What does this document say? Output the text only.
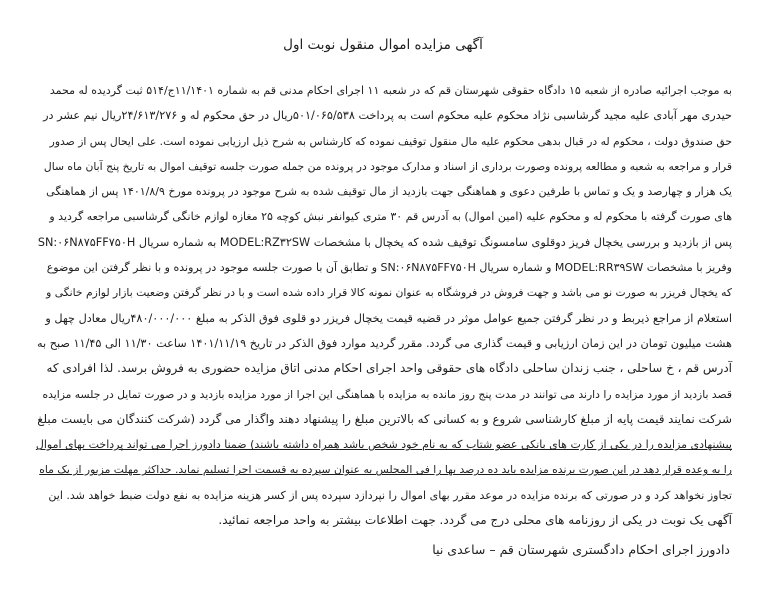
آگهی مزایده اموال منقول نوبت اول
به موجب اجرائیه صادره از شعبه ۱۵ دادگاه حقوقی شهرستان قم که در شعبه ۱۱ اجرای احکام مدنی قم به شماره ۱۱/۱۴۰۱ج/۵۱۴ ثبت گردیده له محمد
حیدری مهر آبادی علیه مجید گرشاسبی نژاد محکوم علیه محکوم است به پرداخت ۵۰۱/۰۶۵/۵۳۸ریال در حق محکوم له و ۲۴/۶۱۳/۲۷۶ریال نیم عشر در
حق صندوق دولت ، محکوم له در قبال بدهی محکوم علیه مال منقول توقیف نموده که کارشناس به شرح ذیل ارزیابی نموده است. علی ایحال پس از صدور
قرار و مراجعه به شعبه و مطالعه پرونده وصورت برداری از اسناد و مدارک موجود در پرونده من جمله صورت جلسه توقیف اموال به تاریخ پنج آبان ماه سال
یک هزار و چهارصد و یک و تماس با طرفین دعوی و هماهنگی جهت بازدید از مال توقیف شده به شرح موجود در پرونده مورخ ۱۴۰۱/۸/۹ پس از هماهنگی
های صورت گرفته با محکوم له و محکوم علیه (امین اموال) به آدرس قم ۳۰ متری کیوانفر نبش کوچه ۲۵ مغازه لوازم خانگی گرشاسبی مراجعه گردید و
پس از بازدید و بررسی یخچال فریز دوقلوی سامسونگ توقیف شده که یخچال با مشخصات MODEL:RZ۳۲SW به شماره سریال SN:۰۶N۸۷۵FF۷۵۰H
وفریز با مشخصات MODEL:RR۳۹SW و شماره سریال SN:۰۶N۸۷۵FF۷۵۰H و تطابق آن با صورت جلسه موجود در پرونده و با نظر گرفتن این موضوع
که یخچال فریزر به صورت نو می باشد و جهت فروش در فروشگاه به عنوان نمونه کالا قرار داده شده است و با در نظر گرفتن وضعیت بازار لوازم خانگی و
استعلام از مراجع ذیربط و در نظر گرفتن جمیع عوامل موثر در قضیه قیمت یخچال فریزر دو قلوی فوق الذکر به مبلغ ۴۸۰/۰۰۰/۰۰۰ریال معادل چهل و
هشت میلیون تومان در این زمان ارزیابی و قیمت گذاری می گردد. مقرر گردید موارد فوق الذکر در تاریخ ۱۴۰۱/۱۱/۱۹ ساعت ۱۱/۳۰ الی ۱۱/۴۵ صبح به
آدرس قم ، خ ساحلی ، جنب زندان ساحلی دادگاه های حقوقی واحد اجرای احکام مدنی اتاق مزایده حضوری به فروش برسد. لذا افرادی که
قصد بازدید از مورد مزایده را دارند می توانند در مدت پنج روز مانده به مزایده با هماهنگی این اجرا از مورد مزایده بازدید و در صورت تمایل در جلسه مزایده
شرکت نمایند قیمت پایه از مبلغ کارشناسی شروع و به کسانی که بالاترین مبلغ را پیشنهاد دهند واگذار می گردد (شرکت کنندگان می بایست مبلغ
پیشنهادی مزایده را در یکی از کارت های بانکی عضو شتاب که به نام خود شخص باشد همراه داشته باشند) ضمنا دادورز اجرا می تواند پرداخت بهای اموال
را به وعده قرار دهد در این صورت برنده مزایده باید ده درصد بها را فی المجلس به عنوان سپرده به قسمت اجرا تسلیم نماید. حداکثر مهلت مزبور از یک ماه
تجاوز نخواهد کرد و در صورتی که برنده مزایده در موعد مقرر بهای اموال را نپردازد سپرده پس از کسر هزینه مزایده به نفع دولت ضبط خواهد شد. این
آگهی یک نوبت در یکی از روزنامه های محلی درج می گردد. جهت اطلاعات بیشتر به واحد مراجعه نمائید.

دادورز اجرای احکام دادگستری شهرستان قم – ساعدی نیا
